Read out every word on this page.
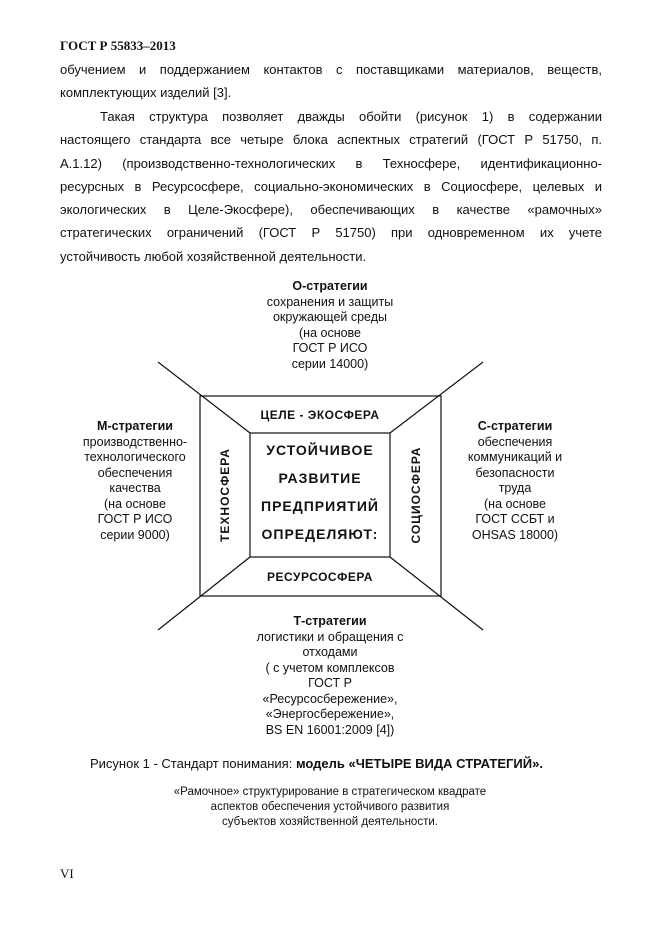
ГОСТ Р 55833–2013
обучением и поддержанием контактов с поставщиками материалов, веществ,
комплектующих изделий [3].
Такая структура позволяет дважды обойти (рисунок 1) в содержании
настоящего стандарта все четыре блока аспектных стратегий (ГОСТ Р 51750, п.
А.1.12) (производственно-технологических в Техносфере, идентификационно-
ресурсных в Ресурсосфере, социально-экономических в Социосфере, целевых и
экологических в Целе-Экосфере), обеспечивающих в качестве «рамочных»
стратегических ограничений (ГОСТ Р 51750) при одновременном их учете
устойчивость любой хозяйственной деятельности.
О-стратегии
сохранения и защиты
окружающей среды
(на основе
ГОСТ Р ИСО
серии 14000)
М-стратегии
производственно-
технологического
обеспечения
качества
(на основе
ГОСТ Р ИСО
серии 9000)
С-стратегии
обеспечения
коммуникаций и
безопасности
труда
(на основе
ГОСТ ССБТ и
OHSAS 18000)
Т-стратегии
логистики и обращения с
отходами
( с учетом комплексов
ГОСТ Р
«Ресурсосбережение»,
«Энергосбережение»,
BS EN 16001:2009 [4])
ЦЕЛЕ - ЭКОСФЕРА
РЕСУРСОСФЕРА
ТЕХНОСФЕРА	СОЦИОСФЕРА
УСТОЙЧИВОЕ
РАЗВИТИЕ
ПРЕДПРИЯТИЙ
ОПРЕДЕЛЯЮТ:
Рисунок 1 - Стандарт понимания: модель «ЧЕТЫРЕ ВИДА СТРАТЕГИЙ».
«Рамочное» структурирование в стратегическом квадрате
аспектов обеспечения устойчивого развития
субъектов хозяйственной деятельности.
VI
